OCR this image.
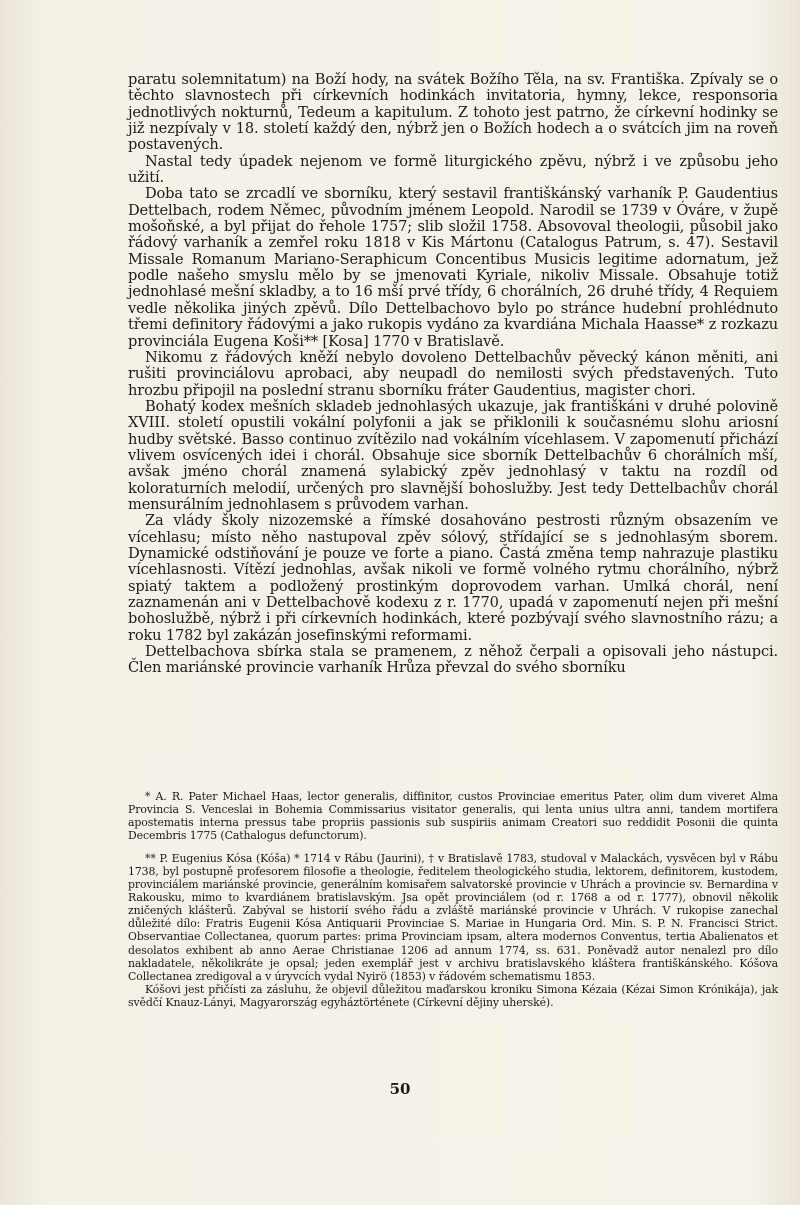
paratu solemnitatum) na Boží hody, na svátek Božího Těla, na sv. Františka. Zpívaly se o těchto slavnostech při církevních hodinkách invitatoria, hymny, lekce, responsoria jednotlivých nokturnů, Tedeum a kapitulum. Z tohoto jest patrno, že církevní hodinky se již nezpívaly v 18. století každý den, nýbrž jen o Božích hodech a o svátcích jim na roveň postavených.

Nastal tedy úpadek nejenom ve formě liturgického zpěvu, nýbrž i ve způsobu jeho užití.

Doba tato se zrcadlí ve sborníku, který sestavil františkánský varhaník P. Gaudentius Dettelbach, rodem Němec, původním jménem Leopold. Narodil se 1739 v Óváre, v župě mošoňské, a byl přijat do řehole 1757; slib složil 1758. Absovoval theologii, působil jako řádový varhaník a zemřel roku 1818 v Kis Mártonu (Catalogus Patrum, s. 47). Sestavil Missale Romanum Mariano-Seraphicum Concentibus Musicis legitime adornatum, jež podle našeho smyslu mělo by se jmenovati Kyriale, nikoliv Missale. Obsahuje totiž jednohlasé mešní skladby, a to 16 mší prvé třídy, 6 chorálních, 26 druhé třídy, 4 Requiem vedle několika jiných zpěvů. Dílo Dettelbachovo bylo po stránce hudební prohlédnuto třemi definitory řádovými a jako rukopis vydáno za kvardiána Michala Haasse* z rozkazu provinciála Eugena Koši** [Kosa] 1770 v Bratislavě.

Nikomu z řádových kněží nebylo dovoleno Dettelbachův pěvecký kánon měniti, ani rušiti provinciálovu aprobaci, aby neupadl do nemilosti svých představených. Tuto hrozbu připojil na poslední stranu sborníku fráter Gaudentius, magister chori.

Bohatý kodex mešních skladeb jednohlasých ukazuje, jak františkáni v druhé polovině XVIII. století opustili vokální polyfonii a jak se přiklonili k současnému slohu ariosní hudby světské. Basso continuo zvítězilo nad vokálním vícehlasem. V zapomenutí přichází vlivem osvícených idei i chorál. Obsahuje sice sborník Dettelbachův 6 chorálních mší, avšak jméno chorál znamená sylabický zpěv jednohlasý v taktu na rozdíl od koloraturních melodií, určených pro slavnější bohoslužby. Jest tedy Dettelbachův chorál mensurálním jednohlasem s průvodem varhan.

Za vlády školy nizozemské a římské dosahováno pestrosti různým obsazením ve vícehlasu; místo něho nastupoval zpěv sólový, střídající se s jednohlasým sborem. Dynamické odstiňování je pouze ve forte a piano. Častá změna temp nahrazuje plastiku vícehlasnosti. Vítězí jednohlas, avšak nikoli ve formě volného rytmu chorálního, nýbrž spiatý taktem a podložený prostinkým doprovodem varhan. Umlká chorál, není zaznamenán ani v Dettelbachově kodexu z r. 1770, upadá v zapomenutí nejen při mešní bohoslužbě, nýbrž i při církevních hodinkách, které pozbývají svého slavnostního rázu; a roku 1782 byl zakázán josefinskými reformami.

Dettelbachova sbírka stala se pramenem, z něhož čerpali a opisovali jeho nástupci. Člen mariánské provincie varhaník Hrůza převzal do svého sborníku

* A. R. Pater Michael Haas, lector generalis, diffinitor, custos Provinciae emeritus Pater, olim dum viveret Alma Provincia S. Venceslai in Bohemia Commissarius visitator generalis, qui lenta unius ultra anni, tandem mortifera apostematis interna pressus tabe propriis passionis sub suspiriis animam Creatori suo reddidit Posonii die quinta Decembris 1775 (Cathalogus defunctorum).

** P. Eugenius Kósa (Kóša) * 1714 v Rábu (Jaurini), † v Bratislavě 1783, studoval v Malackách, vysvěcen byl v Rábu 1738, byl postupně profesorem filosofie a theologie, ředitelem theologického studia, lektorem, definitorem, kustodem, provinciálem mariánské provincie, generálním komisařem salvatorské provincie v Uhrách a provincie sv. Bernardina v Rakousku, mimo to kvardiánem bratislavským. Jsa opět provinciálem (od r. 1768 a od r. 1777), obnovil několik zničených klášterů. Zabýval se historií svého řádu a zvláště mariánské provincie v Uhrách. V rukopise zanechal důležité dílo: Fratris Eugenii Kósa Antiquarii Provinciae S. Mariae in Hungaria Ord. Min. S. P. N. Francisci Strict. Observantiae Collectanea, quorum partes: prima Provinciam ipsam, altera modernos Conventus, tertia Abalienatos et desolatos exhibent ab anno Aerae Christianae 1206 ad annum 1774, ss. 631. Poněvadž autor nenalezl pro dílo nakladatele, několikráte je opsal; jeden exemplář jest v archivu bratislavského kláštera františkánského. Kóšova Collectanea zredigoval a v úryvcích vydal Nyirö (1853) v řádovém schematismu 1853.

Kóšovi jest přičísti za zásluhu, že objevil důležitou maďarskou kroniku Simona Kézaia (Kézai Simon Krónikája), jak svědčí Knauz-Lányi, Magyarország egyháztörténete (Církevní dějiny uherské).

50
